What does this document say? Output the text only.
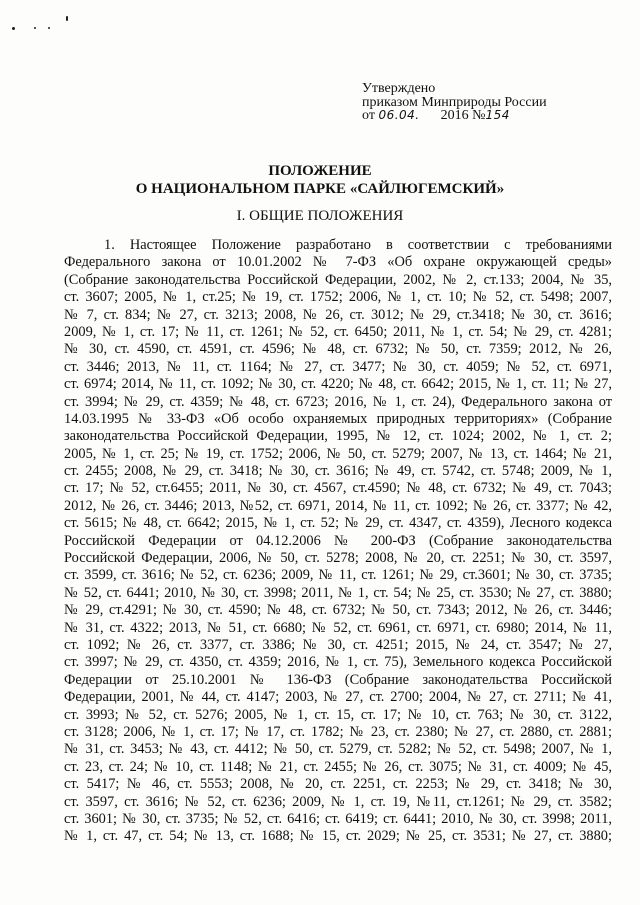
Утверждено
приказом Минприроды России
от 06.04. 2016 №154
ПОЛОЖЕНИЕ
О НАЦИОНАЛЬНОМ ПАРКЕ «САЙЛЮГЕМСКИЙ»
I. ОБЩИЕ ПОЛОЖЕНИЯ
1. Настоящее Положение разработано в соответствии с требованиями
Федерального закона от 10.01.2002 № 7-ФЗ «Об охране окружающей среды»
(Собрание законодательства Российской Федерации, 2002, № 2, ст.133; 2004, № 35,
ст. 3607; 2005, № 1, ст.25; № 19, ст. 1752; 2006, № 1, ст. 10; № 52, ст. 5498; 2007,
№ 7, ст. 834; № 27, ст. 3213; 2008, № 26, ст. 3012; № 29, ст.3418; № 30, ст. 3616;
2009, № 1, ст. 17; № 11, ст. 1261; № 52, ст. 6450; 2011, № 1, ст. 54; № 29, ст. 4281;
№ 30, ст. 4590, ст. 4591, ст. 4596; № 48, ст. 6732; № 50, ст. 7359; 2012, № 26,
ст. 3446; 2013, № 11, ст. 1164; № 27, ст. 3477; № 30, ст. 4059; № 52, ст. 6971,
ст. 6974; 2014, № 11, ст. 1092; № 30, ст. 4220; № 48, ст. 6642; 2015, № 1, ст. 11; № 27,
ст. 3994; № 29, ст. 4359; № 48, ст. 6723; 2016, № 1, ст. 24), Федерального закона от
14.03.1995 № 33-ФЗ «Об особо охраняемых природных территориях» (Собрание
законодательства Российской Федерации, 1995, № 12, ст. 1024; 2002, № 1, ст. 2;
2005, № 1, ст. 25; № 19, ст. 1752; 2006, № 50, ст. 5279; 2007, № 13, ст. 1464; № 21,
ст. 2455; 2008, № 29, ст. 3418; № 30, ст. 3616; № 49, ст. 5742, ст. 5748; 2009, № 1,
ст. 17; № 52, ст.6455; 2011, № 30, ст. 4567, ст.4590; № 48, ст. 6732; № 49, ст. 7043;
2012, № 26, ст. 3446; 2013, №52, ст. 6971, 2014, № 11, ст. 1092; № 26, ст. 3377; № 42,
ст. 5615; № 48, ст. 6642; 2015, № 1, ст. 52; № 29, ст. 4347, ст. 4359), Лесного кодекса
Российской Федерации от 04.12.2006 № 200-ФЗ (Собрание законодательства
Российской Федерации, 2006, № 50, ст. 5278; 2008, № 20, ст. 2251; № 30, ст. 3597,
ст. 3599, ст. 3616; № 52, ст. 6236; 2009, № 11, ст. 1261; № 29, ст.3601; № 30, ст. 3735;
№ 52, ст. 6441; 2010, № 30, ст. 3998; 2011, № 1, ст. 54; № 25, ст. 3530; № 27, ст. 3880;
№ 29, ст.4291; № 30, ст. 4590; № 48, ст. 6732; № 50, ст. 7343; 2012, № 26, ст. 3446;
№ 31, ст. 4322; 2013, № 51, ст. 6680; № 52, ст. 6961, ст. 6971, ст. 6980; 2014, № 11,
ст. 1092; № 26, ст. 3377, ст. 3386; № 30, ст. 4251; 2015, № 24, ст. 3547; № 27,
ст. 3997; № 29, ст. 4350, ст. 4359; 2016, № 1, ст. 75), Земельного кодекса Российской
Федерации от 25.10.2001 № 136-ФЗ (Собрание законодательства Российской
Федерации, 2001, № 44, ст. 4147; 2003, № 27, ст. 2700; 2004, № 27, ст. 2711; № 41,
ст. 3993; № 52, ст. 5276; 2005, № 1, ст. 15, ст. 17; № 10, ст. 763; № 30, ст. 3122,
ст. 3128; 2006, № 1, ст. 17; № 17, ст. 1782; № 23, ст. 2380; № 27, ст. 2880, ст. 2881;
№ 31, ст. 3453; № 43, ст. 4412; № 50, ст. 5279, ст. 5282; № 52, ст. 5498; 2007, № 1,
ст. 23, ст. 24; № 10, ст. 1148; № 21, ст. 2455; № 26, ст. 3075; № 31, ст. 4009; № 45,
ст. 5417; № 46, ст. 5553; 2008, № 20, ст. 2251, ст. 2253; № 29, ст. 3418; № 30,
ст. 3597, ст. 3616; № 52, ст. 6236; 2009, № 1, ст. 19, №11, ст.1261; № 29, ст. 3582;
ст. 3601; № 30, ст. 3735; № 52, ст. 6416; ст. 6419; ст. 6441; 2010, № 30, ст. 3998; 2011,
№ 1, ст. 47, ст. 54; № 13, ст. 1688; № 15, ст. 2029; № 25, ст. 3531; № 27, ст. 3880;
